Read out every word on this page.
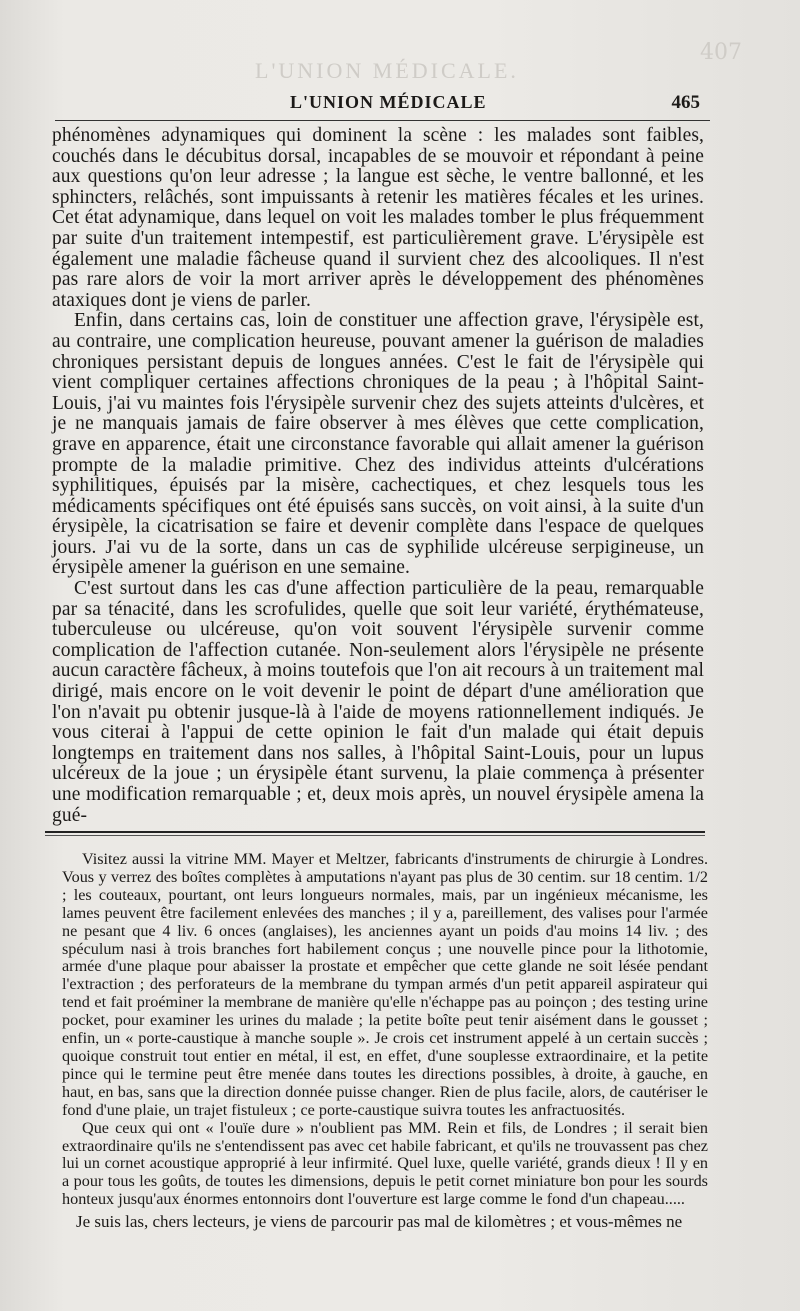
L'UNION MÉDICALE.
407
L'UNION MÉDICALE	465

phénomènes adynamiques qui dominent la scène : les malades sont faibles, couchés dans le décubitus dorsal, incapables de se mouvoir et répondant à peine aux questions qu'on leur adresse ; la langue est sèche, le ventre ballonné, et les sphincters, relâchés, sont impuissants à retenir les matières fécales et les urines. Cet état adynamique, dans lequel on voit les malades tomber le plus fréquemment par suite d'un traitement intempestif, est particulièrement grave. L'érysipèle est également une maladie fâcheuse quand il survient chez des alcooliques. Il n'est pas rare alors de voir la mort arriver après le développement des phénomènes ataxiques dont je viens de parler.

Enfin, dans certains cas, loin de constituer une affection grave, l'érysipèle est, au contraire, une complication heureuse, pouvant amener la guérison de maladies chroniques persistant depuis de longues années. C'est le fait de l'érysipèle qui vient compliquer certaines affections chroniques de la peau ; à l'hôpital Saint-Louis, j'ai vu maintes fois l'érysipèle survenir chez des sujets atteints d'ulcères, et je ne manquais jamais de faire observer à mes élèves que cette complication, grave en apparence, était une circonstance favorable qui allait amener la guérison prompte de la maladie primitive. Chez des individus atteints d'ulcérations syphilitiques, épuisés par la misère, cachectiques, et chez lesquels tous les médicaments spécifiques ont été épuisés sans succès, on voit ainsi, à la suite d'un érysipèle, la cicatrisation se faire et devenir complète dans l'espace de quelques jours. J'ai vu de la sorte, dans un cas de syphilide ulcéreuse serpigineuse, un érysipèle amener la guérison en une semaine.

C'est surtout dans les cas d'une affection particulière de la peau, remarquable par sa ténacité, dans les scrofulides, quelle que soit leur variété, érythémateuse, tuberculeuse ou ulcéreuse, qu'on voit souvent l'érysipèle survenir comme complication de l'affection cutanée. Non-seulement alors l'érysipèle ne présente aucun caractère fâcheux, à moins toutefois que l'on ait recours à un traitement mal dirigé, mais encore on le voit devenir le point de départ d'une amélioration que l'on n'avait pu obtenir jusque-là à l'aide de moyens rationnellement indiqués. Je vous citerai à l'appui de cette opinion le fait d'un malade qui était depuis longtemps en traitement dans nos salles, à l'hôpital Saint-Louis, pour un lupus ulcéreux de la joue ; un érysipèle étant survenu, la plaie commença à présenter une modification remarquable ; et, deux mois après, un nouvel érysipèle amena la gué-

Visitez aussi la vitrine MM. Mayer et Meltzer, fabricants d'instruments de chirurgie à Londres. Vous y verrez des boîtes complètes à amputations n'ayant pas plus de 30 centim. sur 18 centim. 1/2 ; les couteaux, pourtant, ont leurs longueurs normales, mais, par un ingénieux mécanisme, les lames peuvent être facilement enlevées des manches ; il y a, pareillement, des valises pour l'armée ne pesant que 4 liv. 6 onces (anglaises), les anciennes ayant un poids d'au moins 14 liv. ; des spéculum nasi à trois branches fort habilement conçus ; une nouvelle pince pour la lithotomie, armée d'une plaque pour abaisser la prostate et empêcher que cette glande ne soit lésée pendant l'extraction ; des perforateurs de la membrane du tympan armés d'un petit appareil aspirateur qui tend et fait proéminer la membrane de manière qu'elle n'échappe pas au poinçon ; des testing urine pocket, pour examiner les urines du malade ; la petite boîte peut tenir aisément dans le gousset ; enfin, un « porte-caustique à manche souple ». Je crois cet instrument appelé à un certain succès ; quoique construit tout entier en métal, il est, en effet, d'une souplesse extraordinaire, et la petite pince qui le termine peut être menée dans toutes les directions possibles, à droite, à gauche, en haut, en bas, sans que la direction donnée puisse changer. Rien de plus facile, alors, de cautériser le fond d'une plaie, un trajet fistuleux ; ce porte-caustique suivra toutes les anfractuosités.

Que ceux qui ont « l'ouïe dure » n'oublient pas MM. Rein et fils, de Londres ; il serait bien extraordinaire qu'ils ne s'entendissent pas avec cet habile fabricant, et qu'ils ne trouvassent pas chez lui un cornet acoustique approprié à leur infirmité. Quel luxe, quelle variété, grands dieux ! Il y en a pour tous les goûts, de toutes les dimensions, depuis le petit cornet miniature bon pour les sourds honteux jusqu'aux énormes entonnoirs dont l'ouverture est large comme le fond d'un chapeau.....

Je suis las, chers lecteurs, je viens de parcourir pas mal de kilomètres ; et vous-mêmes ne
